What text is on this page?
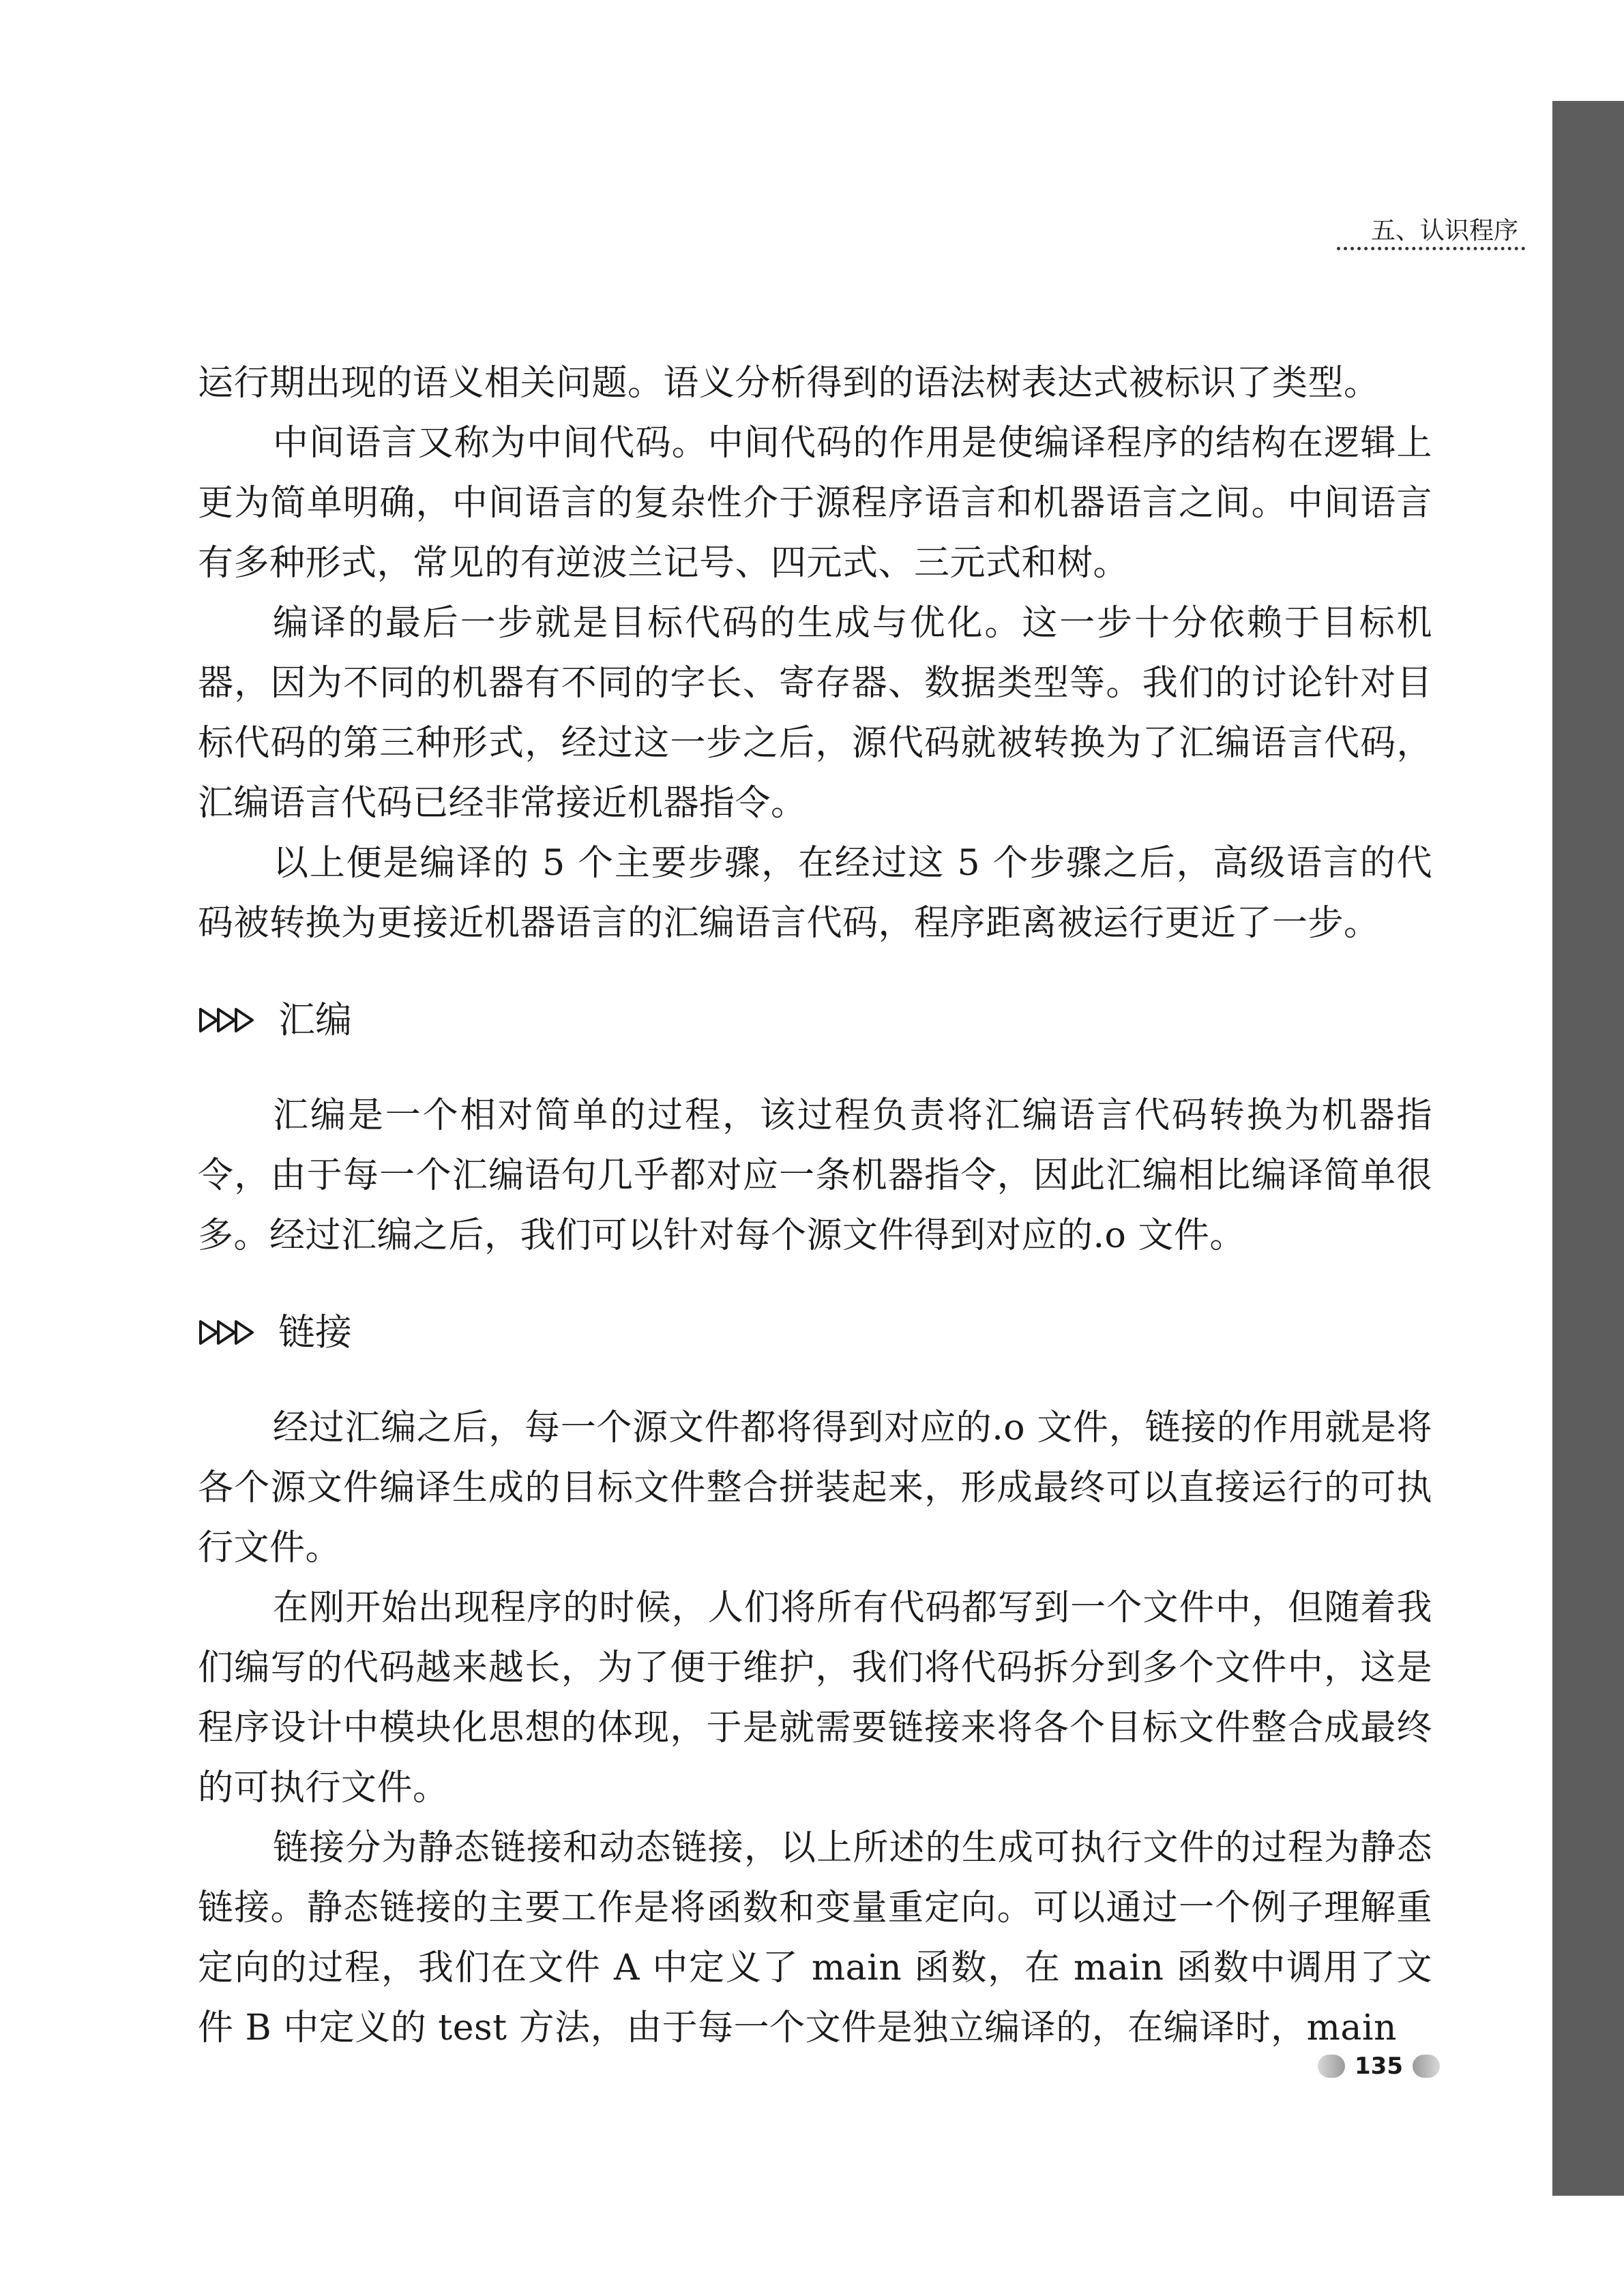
五、认识程序

运行期出现的语义相关问题。语义分析得到的语法树表达式被标识了类型。

中间语言又称为中间代码。中间代码的作用是使编译程序的结构在逻辑上更为简单明确，中间语言的复杂性介于源程序语言和机器语言之间。中间语言有多种形式，常见的有逆波兰记号、四元式、三元式和树。

编译的最后一步就是目标代码的生成与优化。这一步十分依赖于目标机器，因为不同的机器有不同的字长、寄存器、数据类型等。我们的讨论针对目标代码的第三种形式，经过这一步之后，源代码就被转换为了汇编语言代码，汇编语言代码已经非常接近机器指令。

以上便是编译的 5 个主要步骤，在经过这 5 个步骤之后，高级语言的代码被转换为更接近机器语言的汇编语言代码，程序距离被运行更近了一步。

汇编

汇编是一个相对简单的过程，该过程负责将汇编语言代码转换为机器指令，由于每一个汇编语句几乎都对应一条机器指令，因此汇编相比编译简单很多。经过汇编之后，我们可以针对每个源文件得到对应的.o 文件。

链接

经过汇编之后，每一个源文件都将得到对应的.o 文件，链接的作用就是将各个源文件编译生成的目标文件整合拼装起来，形成最终可以直接运行的可执行文件。

在刚开始出现程序的时候，人们将所有代码都写到一个文件中，但随着我们编写的代码越来越长，为了便于维护，我们将代码拆分到多个文件中，这是程序设计中模块化思想的体现，于是就需要链接来将各个目标文件整合成最终的可执行文件。

链接分为静态链接和动态链接，以上所述的生成可执行文件的过程为静态链接。静态链接的主要工作是将函数和变量重定向。可以通过一个例子理解重定向的过程，我们在文件 A 中定义了 main 函数，在 main 函数中调用了文件 B 中定义的 test 方法，由于每一个文件是独立编译的，在编译时，main

135
